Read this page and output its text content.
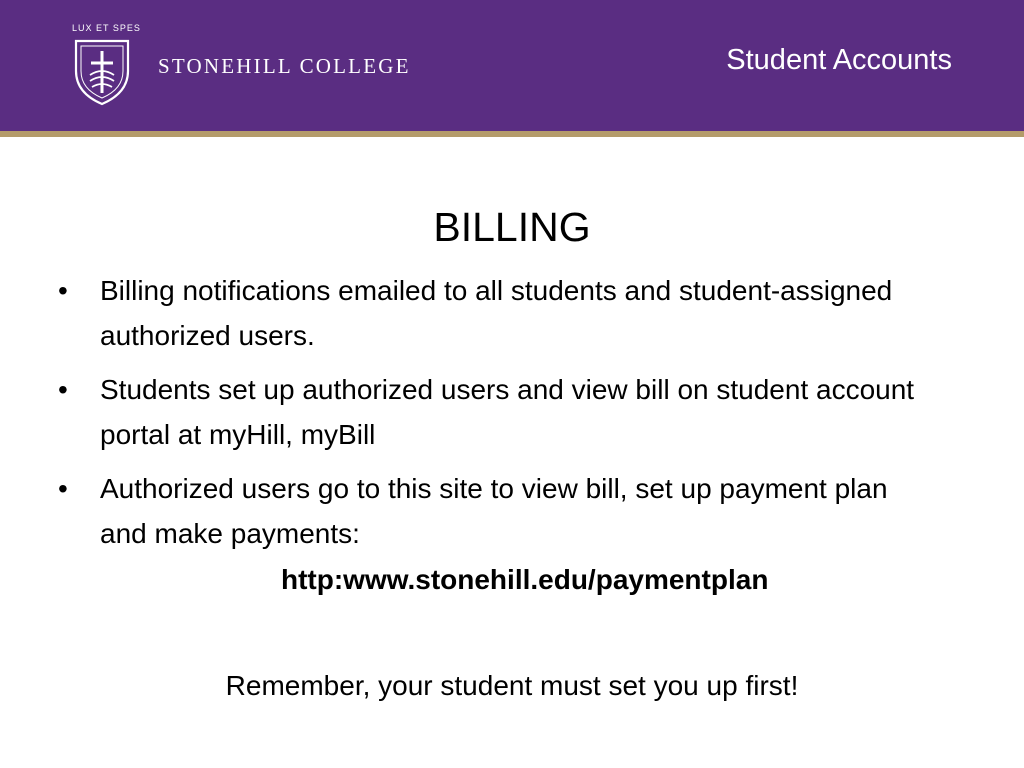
LUX ET SPES
STONEHILL COLLEGE	Student Accounts
BILLING
•	Billing notifications emailed to all students and student-assigned authorized users.
•	Students set up authorized users and view bill on student account portal at myHill, myBill
•	Authorized users go to this site to view bill, set up payment plan and make payments:
http:www.stonehill.edu/paymentplan
Remember, your student must set you up first!
